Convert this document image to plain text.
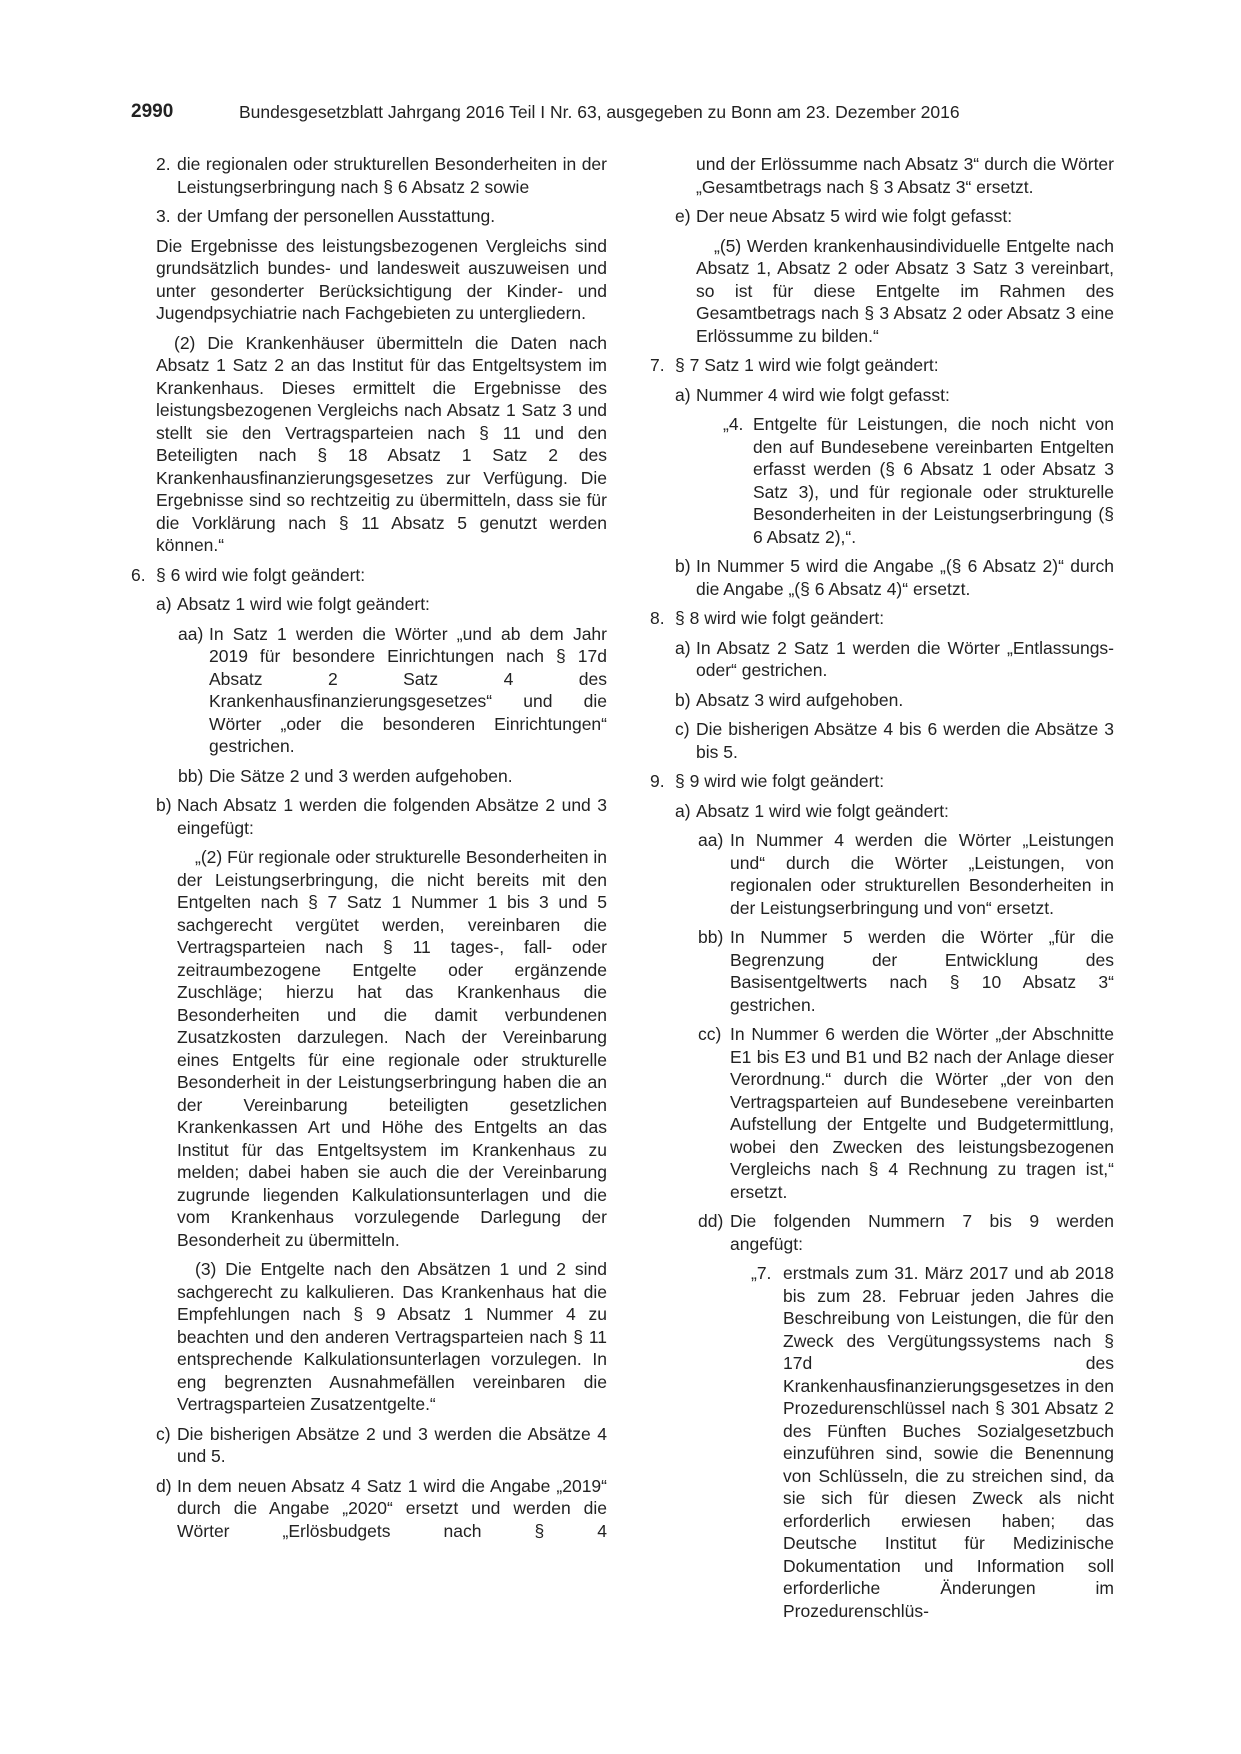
2990	Bundesgesetzblatt Jahrgang 2016 Teil I Nr. 63, ausgegeben zu Bonn am 23. Dezember 2016
2. die regionalen oder strukturellen Besonderheiten in der Leistungserbringung nach § 6 Absatz 2 sowie

3. der Umfang der personellen Ausstattung.

Die Ergebnisse des leistungsbezogenen Vergleichs sind grundsätzlich bundes- und landesweit auszuweisen und unter gesonderter Berücksichtigung der Kinder- und Jugendpsychiatrie nach Fachgebieten zu untergliedern.

(2) Die Krankenhäuser übermitteln die Daten nach Absatz 1 Satz 2 an das Institut für das Entgeltsystem im Krankenhaus. Dieses ermittelt die Ergebnisse des leistungsbezogenen Vergleichs nach Absatz 1 Satz 3 und stellt sie den Vertragsparteien nach § 11 und den Beteiligten nach § 18 Absatz 1 Satz 2 des Krankenhausfinanzierungsgesetzes zur Verfügung. Die Ergebnisse sind so rechtzeitig zu übermitteln, dass sie für die Vorklärung nach § 11 Absatz 5 genutzt werden können.“

6. § 6 wird wie folgt geändert:

a) Absatz 1 wird wie folgt geändert:

aa) In Satz 1 werden die Wörter „und ab dem Jahr 2019 für besondere Einrichtungen nach § 17d Absatz 2 Satz 4 des Krankenhausfinanzierungsgesetzes“ und die Wörter „oder die besonderen Einrichtungen“ gestrichen.

bb) Die Sätze 2 und 3 werden aufgehoben.

b) Nach Absatz 1 werden die folgenden Absätze 2 und 3 eingefügt:

„(2) Für regionale oder strukturelle Besonderheiten in der Leistungserbringung, die nicht bereits mit den Entgelten nach § 7 Satz 1 Nummer 1 bis 3 und 5 sachgerecht vergütet werden, vereinbaren die Vertragsparteien nach § 11 tages-, fall- oder zeitraumbezogene Entgelte oder ergänzende Zuschläge; hierzu hat das Krankenhaus die Besonderheiten und die damit verbundenen Zusatzkosten darzulegen. Nach der Vereinbarung eines Entgelts für eine regionale oder strukturelle Besonderheit in der Leistungserbringung haben die an der Vereinbarung beteiligten gesetzlichen Krankenkassen Art und Höhe des Entgelts an das Institut für das Entgeltsystem im Krankenhaus zu melden; dabei haben sie auch die der Vereinbarung zugrunde liegenden Kalkulationsunterlagen und die vom Krankenhaus vorzulegende Darlegung der Besonderheit zu übermitteln.

(3) Die Entgelte nach den Absätzen 1 und 2 sind sachgerecht zu kalkulieren. Das Krankenhaus hat die Empfehlungen nach § 9 Absatz 1 Nummer 4 zu beachten und den anderen Vertragsparteien nach § 11 entsprechende Kalkulationsunterlagen vorzulegen. In eng begrenzten Ausnahmefällen vereinbaren die Vertragsparteien Zusatzentgelte.“

c) Die bisherigen Absätze 2 und 3 werden die Absätze 4 und 5.

d) In dem neuen Absatz 4 Satz 1 wird die Angabe „2019“ durch die Angabe „2020“ ersetzt und werden die Wörter „Erlösbudgets nach § 4

und der Erlössumme nach Absatz 3“ durch die Wörter „Gesamtbetrags nach § 3 Absatz 3“ ersetzt.

e) Der neue Absatz 5 wird wie folgt gefasst:

„(5) Werden krankenhausindividuelle Entgelte nach Absatz 1, Absatz 2 oder Absatz 3 Satz 3 vereinbart, so ist für diese Entgelte im Rahmen des Gesamtbetrags nach § 3 Absatz 2 oder Absatz 3 eine Erlössumme zu bilden.“

7. § 7 Satz 1 wird wie folgt geändert:

a) Nummer 4 wird wie folgt gefasst:

„4. Entgelte für Leistungen, die noch nicht von den auf Bundesebene vereinbarten Entgelten erfasst werden (§ 6 Absatz 1 oder Absatz 3 Satz 3), und für regionale oder strukturelle Besonderheiten in der Leistungserbringung (§ 6 Absatz 2),“.

b) In Nummer 5 wird die Angabe „(§ 6 Absatz 2)“ durch die Angabe „(§ 6 Absatz 4)“ ersetzt.

8. § 8 wird wie folgt geändert:

a) In Absatz 2 Satz 1 werden die Wörter „Entlassungs- oder“ gestrichen.

b) Absatz 3 wird aufgehoben.

c) Die bisherigen Absätze 4 bis 6 werden die Absätze 3 bis 5.

9. § 9 wird wie folgt geändert:

a) Absatz 1 wird wie folgt geändert:

aa) In Nummer 4 werden die Wörter „Leistungen und“ durch die Wörter „Leistungen, von regionalen oder strukturellen Besonderheiten in der Leistungserbringung und von“ ersetzt.

bb) In Nummer 5 werden die Wörter „für die Begrenzung der Entwicklung des Basisentgeltwerts nach § 10 Absatz 3“ gestrichen.

cc) In Nummer 6 werden die Wörter „der Abschnitte E1 bis E3 und B1 und B2 nach der Anlage dieser Verordnung.“ durch die Wörter „der von den Vertragsparteien auf Bundesebene vereinbarten Aufstellung der Entgelte und Budgetermittlung, wobei den Zwecken des leistungsbezogenen Vergleichs nach § 4 Rechnung zu tragen ist,“ ersetzt.

dd) Die folgenden Nummern 7 bis 9 werden angefügt:

„7. erstmals zum 31. März 2017 und ab 2018 bis zum 28. Februar jeden Jahres die Beschreibung von Leistungen, die für den Zweck des Vergütungssystems nach § 17d des Krankenhausfinanzierungsgesetzes in den Prozedurenschlüssel nach § 301 Absatz 2 des Fünften Buches Sozialgesetzbuch einzuführen sind, sowie die Benennung von Schlüsseln, die zu streichen sind, da sie sich für diesen Zweck als nicht erforderlich erwiesen haben; das Deutsche Institut für Medizinische Dokumentation und Information soll erforderliche Änderungen im Prozedurenschlüs-
